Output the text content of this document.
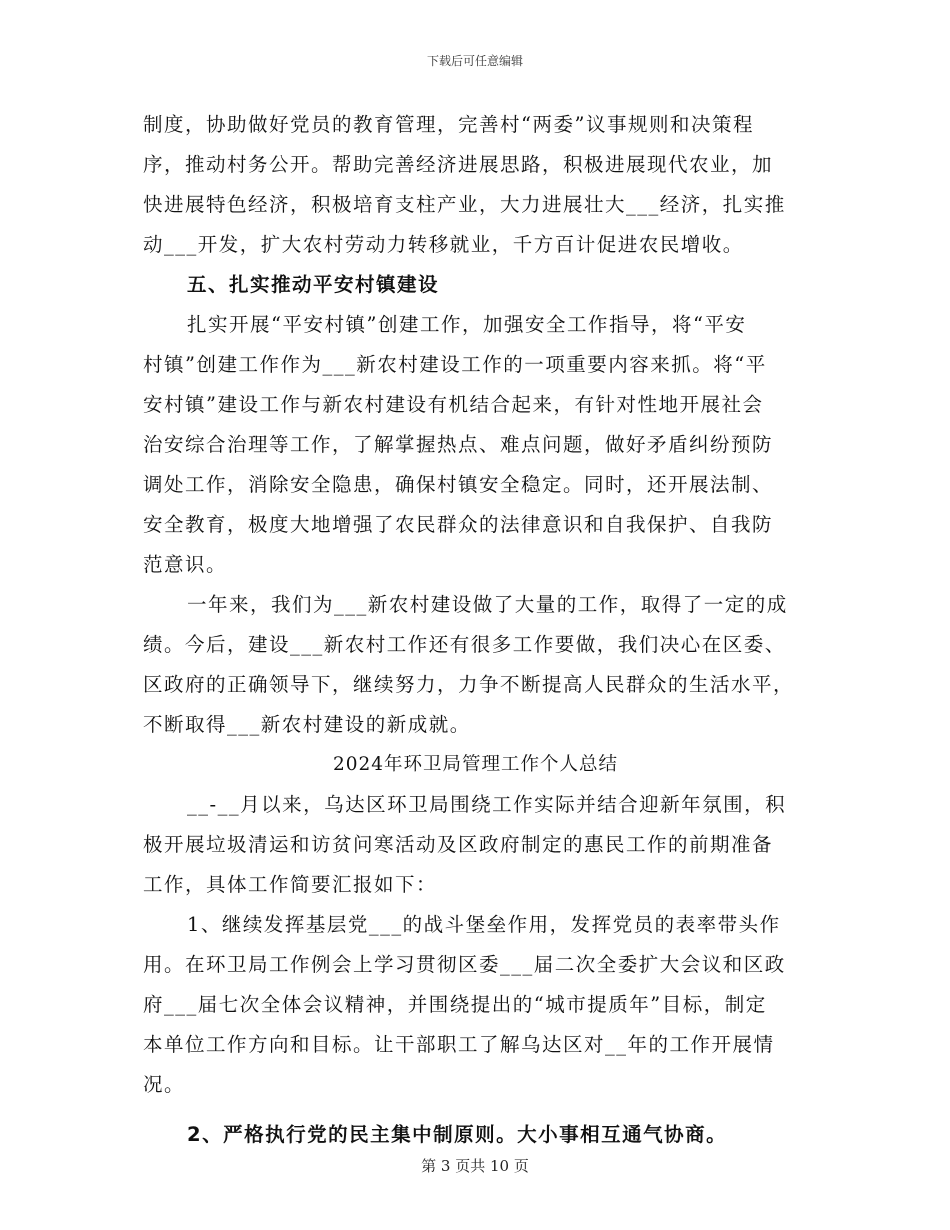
下载后可任意编辑
制度，协助做好党员的教育管理，完善村“两委”议事规则和决策程
序，推动村务公开。帮助完善经济进展思路，积极进展现代农业，加
快进展特色经济，积极培育支柱产业，大力进展壮大___经济，扎实推
动___开发，扩大农村劳动力转移就业，千方百计促进农民增收。
五、扎实推动平安村镇建设
扎实开展“平安村镇”创建工作，加强安全工作指导，将“平安
村镇”创建工作作为___新农村建设工作的一项重要内容来抓。将“平
安村镇”建设工作与新农村建设有机结合起来，有针对性地开展社会
治安综合治理等工作，了解掌握热点、难点问题，做好矛盾纠纷预防
调处工作，消除安全隐患，确保村镇安全稳定。同时，还开展法制、
安全教育，极度大地增强了农民群众的法律意识和自我保护、自我防
范意识。
一年来，我们为___新农村建设做了大量的工作，取得了一定的成
绩。今后，建设___新农村工作还有很多工作要做，我们决心在区委、
区政府的正确领导下，继续努力，力争不断提高人民群众的生活水平，
不断取得___新农村建设的新成就。
2024年环卫局管理工作个人总结
__-__月以来，乌达区环卫局围绕工作实际并结合迎新年氛围，积
极开展垃圾清运和访贫问寒活动及区政府制定的惠民工作的前期准备
工作，具体工作简要汇报如下：
1、继续发挥基层党___的战斗堡垒作用，发挥党员的表率带头作
用。在环卫局工作例会上学习贯彻区委___届二次全委扩大会议和区政
府___届七次全体会议精神，并围绕提出的“城市提质年”目标，制定
本单位工作方向和目标。让干部职工了解乌达区对__年的工作开展情
况。
2、严格执行党的民主集中制原则。大小事相互通气协商。
第 3 页共 10 页
